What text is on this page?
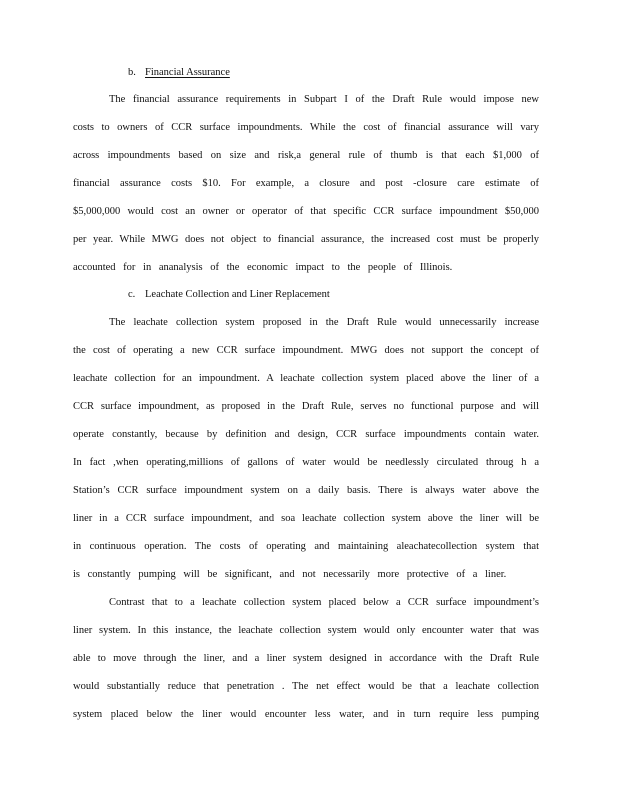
b. Financial Assurance
The financial assurance requirements in Subpart I of the Draft Rule would impose new
costs to owners of CCR surface impoundments. While the cost of financial assurance will vary
across impoundments based on size and risk,a general rule of thumb is that each $1,000 of
financial assurance costs $10. For example, a closure and post -closure care estimate of
$5,000,000 would cost an owner or operator of that specific CCR surface impoundment $50,000
per year. While MWG does not object to financial assurance, the increased cost must be properly
accounted for in ananalysis of the economic impact to the people of Illinois.
c. Leachate Collection and Liner Replacement
The leachate collection system proposed in the Draft Rule would unnecessarily increase
the cost of operating a new CCR surface impoundment. MWG does not support the concept of
leachate collection for an impoundment. A leachate collection system placed above the liner of a
CCR surface impoundment, as proposed in the Draft Rule, serves no functional purpose and will
operate constantly, because by definition and design, CCR surface impoundments contain water.
In fact ,when operating,millions of gallons of water would be needlessly circulated throug h a
Station’s CCR surface impoundment system on a daily basis. There is always water above the
liner in a CCR surface impoundment, and soa leachate collection system above the liner will be
in continuous operation. The costs of operating and maintaining aleachatecollection system that
is constantly pumping will be significant, and not necessarily more protective of a liner.
Contrast that to a leachate collection system placed below a CCR surface impoundment’s
liner system. In this instance, the leachate collection system would only encounter water that was
able to move through the liner, and a liner system designed in accordance with the Draft Rule
would substantially reduce that penetration . The net effect would be that a leachate collection
system placed below the liner would encounter less water, and in turn require less pumping
